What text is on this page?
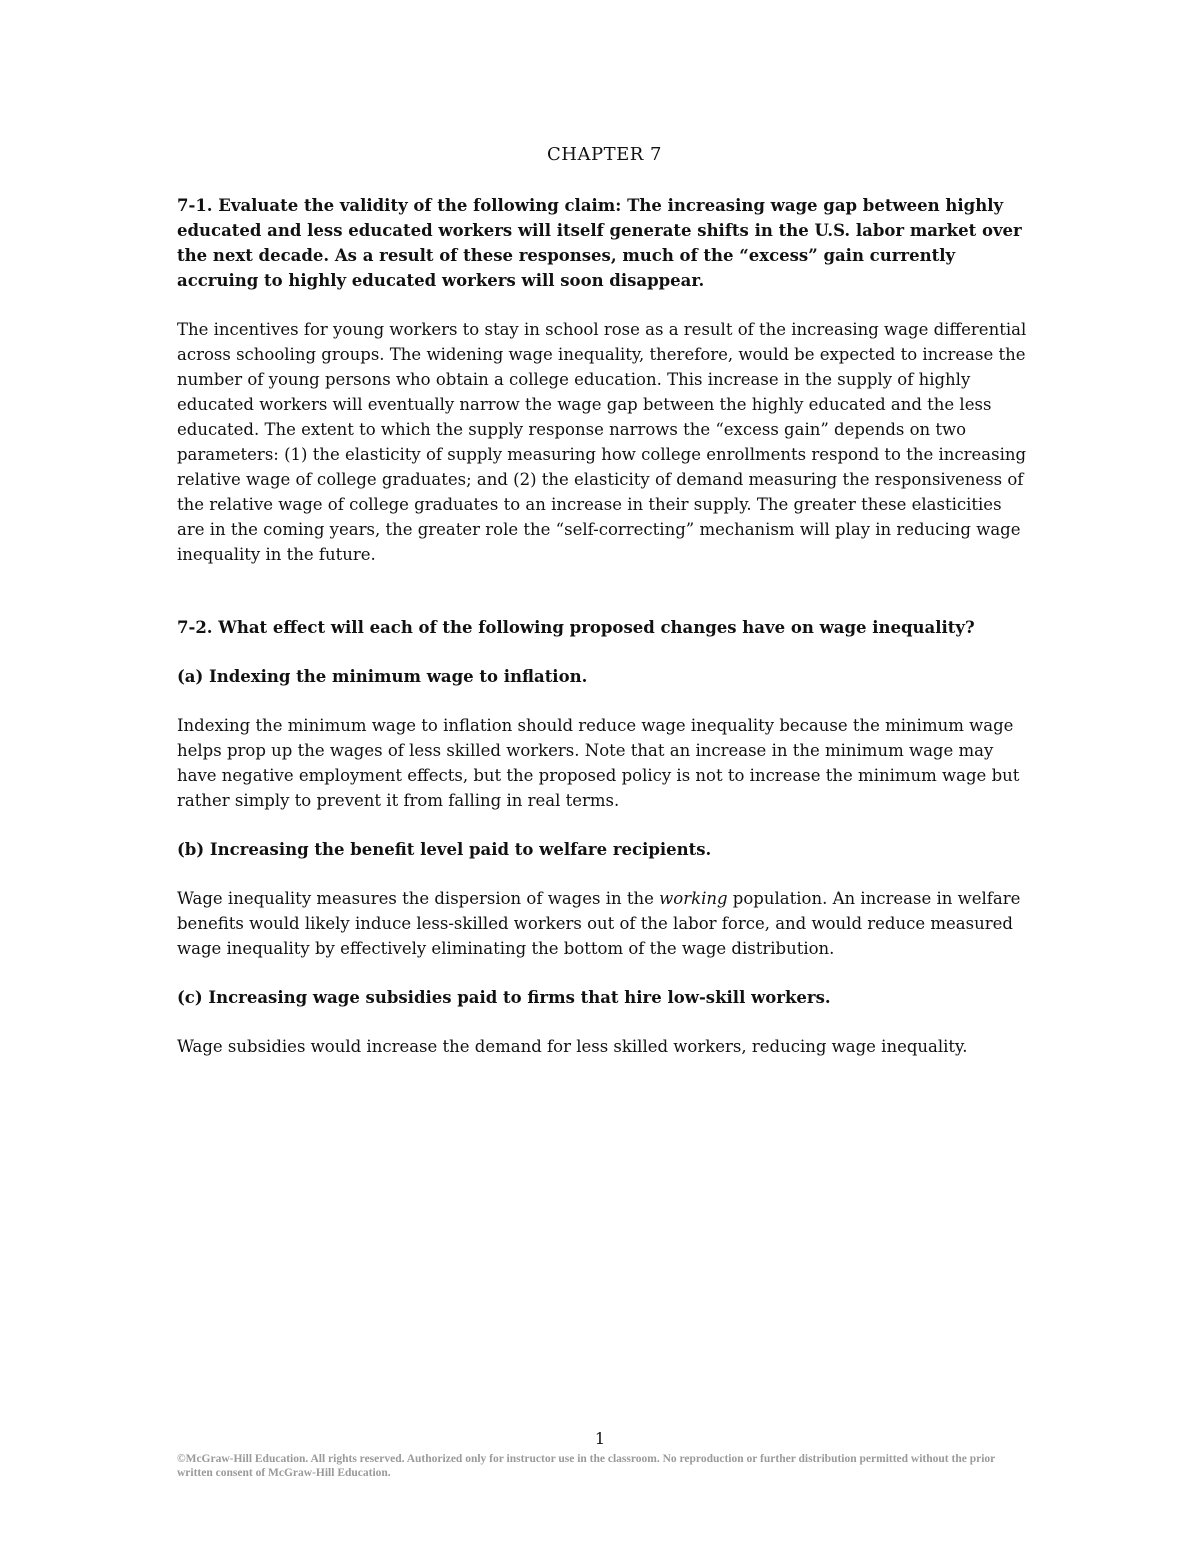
CHAPTER 7

7-1. Evaluate the validity of the following claim: The increasing wage gap between highly educated and less educated workers will itself generate shifts in the U.S. labor market over the next decade. As a result of these responses, much of the “excess” gain currently accruing to highly educated workers will soon disappear.

The incentives for young workers to stay in school rose as a result of the increasing wage differential across schooling groups. The widening wage inequality, therefore, would be expected to increase the number of young persons who obtain a college education. This increase in the supply of highly educated workers will eventually narrow the wage gap between the highly educated and the less educated. The extent to which the supply response narrows the “excess gain” depends on two parameters: (1) the elasticity of supply measuring how college enrollments respond to the increasing relative wage of college graduates; and (2) the elasticity of demand measuring the responsiveness of the relative wage of college graduates to an increase in their supply. The greater these elasticities are in the coming years, the greater role the “self-correcting” mechanism will play in reducing wage inequality in the future.

7-2. What effect will each of the following proposed changes have on wage inequality?

(a) Indexing the minimum wage to inflation.

Indexing the minimum wage to inflation should reduce wage inequality because the minimum wage helps prop up the wages of less skilled workers. Note that an increase in the minimum wage may have negative employment effects, but the proposed policy is not to increase the minimum wage but rather simply to prevent it from falling in real terms.

(b) Increasing the benefit level paid to welfare recipients.

Wage inequality measures the dispersion of wages in the working population. An increase in welfare benefits would likely induce less-skilled workers out of the labor force, and would reduce measured wage inequality by effectively eliminating the bottom of the wage distribution.

(c) Increasing wage subsidies paid to firms that hire low-skill workers.

Wage subsidies would increase the demand for less skilled workers, reducing wage inequality.

1
©McGraw-Hill Education. All rights reserved. Authorized only for instructor use in the classroom. No reproduction or further distribution permitted without the prior written consent of McGraw-Hill Education.
